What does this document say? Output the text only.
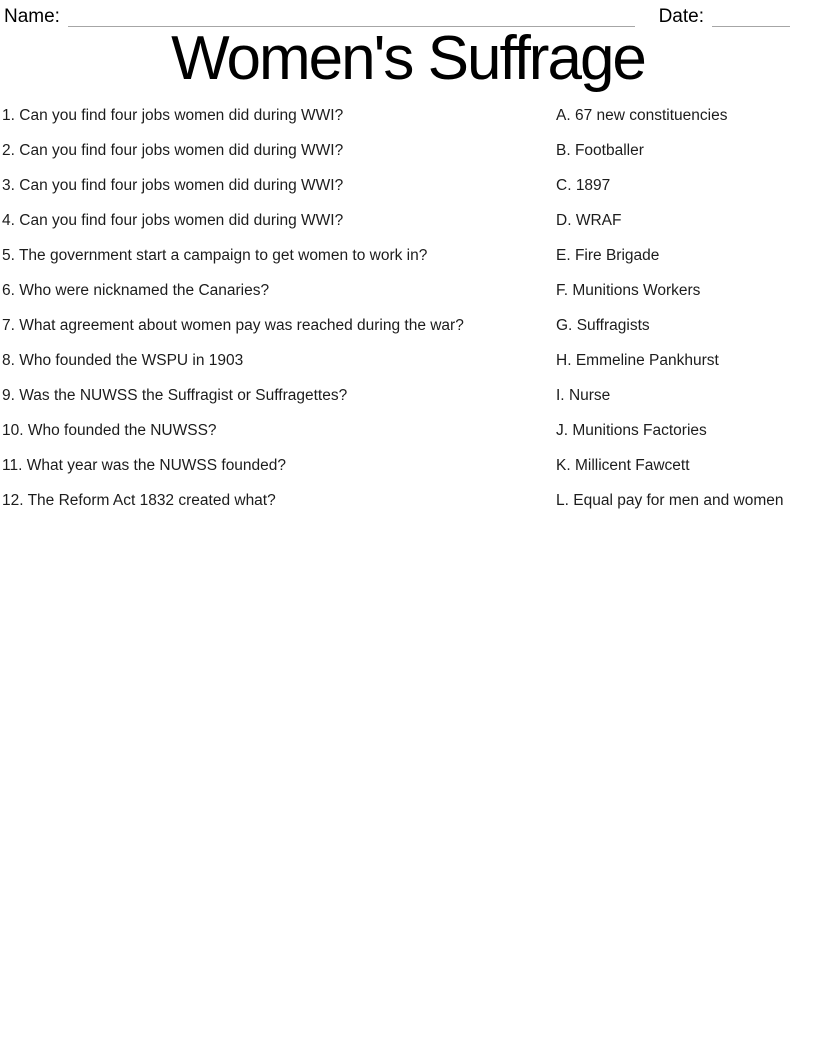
Name:	Date:
Women's Suffrage
1. Can you find four jobs women did during WWI?	A. 67 new constituencies
2. Can you find four jobs women did during WWI?	B. Footballer
3. Can you find four jobs women did during WWI?	C. 1897
4. Can you find four jobs women did during WWI?	D. WRAF
5. The government start a campaign to get women to work in?	E. Fire Brigade
6. Who were nicknamed the Canaries?	F. Munitions Workers
7. What agreement about women pay was reached during the war?	G. Suffragists
8. Who founded the WSPU in 1903	H. Emmeline Pankhurst
9. Was the NUWSS the Suffragist or Suffragettes?	I. Nurse
10. Who founded the NUWSS?	J. Munitions Factories
11. What year was the NUWSS founded?	K. Millicent Fawcett
12. The Reform Act 1832 created what?	L. Equal pay for men and women
